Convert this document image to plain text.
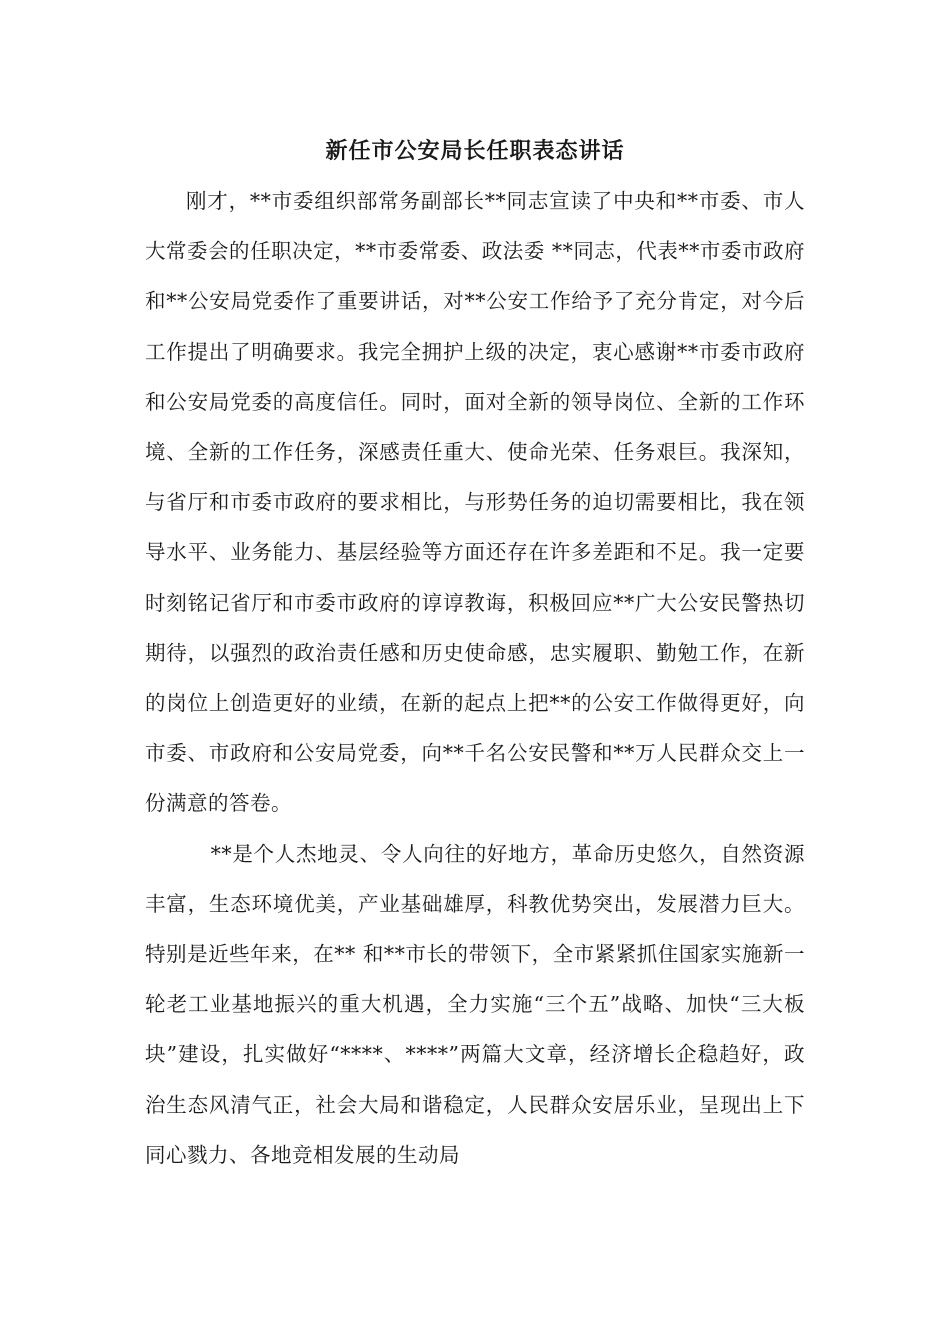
新任市公安局长任职表态讲话

刚才，**市委组织部常务副部长**同志宣读了中央和**市委、市人大常委会的任职决定，**市委常委、政法委 **同志，代表**市委市政府和**公安局党委作了重要讲话，对**公安工作给予了充分肯定，对今后工作提出了明确要求。我完全拥护上级的决定，衷心感谢**市委市政府和公安局党委的高度信任。同时，面对全新的领导岗位、全新的工作环境、全新的工作任务，深感责任重大、使命光荣、任务艰巨。我深知，与省厅和市委市政府的要求相比，与形势任务的迫切需要相比，我在领导水平、业务能力、基层经验等方面还存在许多差距和不足。我一定要时刻铭记省厅和市委市政府的谆谆教诲，积极回应**广大公安民警热切期待，以强烈的政治责任感和历史使命感，忠实履职、勤勉工作，在新的岗位上创造更好的业绩，在新的起点上把**的公安工作做得更好，向市委、市政府和公安局党委，向**千名公安民警和**万人民群众交上一份满意的答卷。

**是个人杰地灵、令人向往的好地方，革命历史悠久，自然资源丰富，生态环境优美，产业基础雄厚，科教优势突出，发展潜力巨大。特别是近些年来，在** 和**市长的带领下，全市紧紧抓住国家实施新一轮老工业基地振兴的重大机遇，全力实施“三个五”战略、加快“三大板块”建设，扎实做好“****、****”两篇大文章，经济增长企稳趋好，政治生态风清气正，社会大局和谐稳定，人民群众安居乐业，呈现出上下同心戮力、各地竞相发展的生动局
